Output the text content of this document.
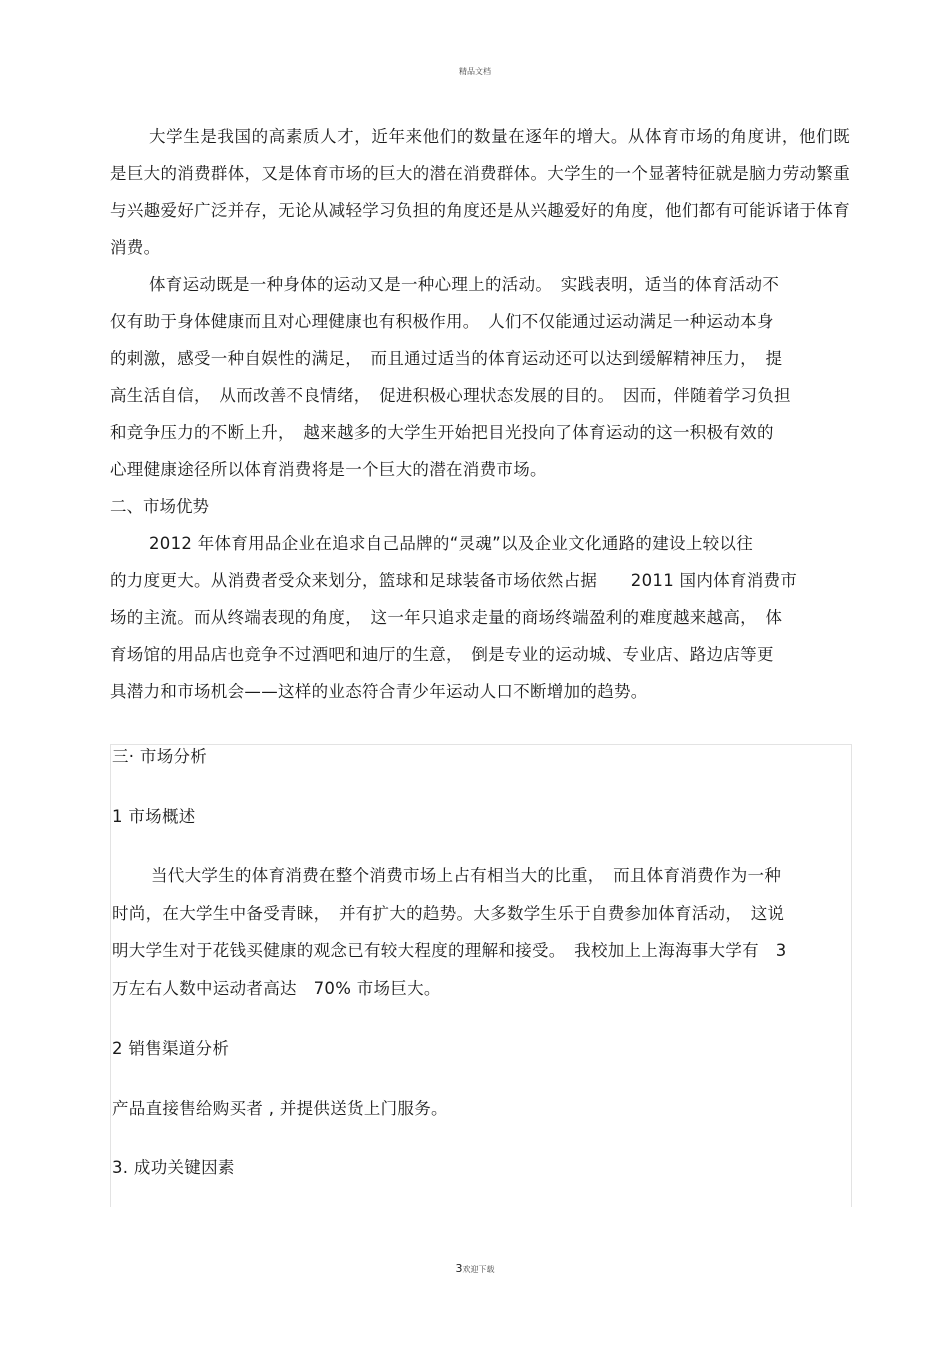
精品文档

大学生是我国的高素质人才，近年来他们的数量在逐年的增大。从体育市场的角度讲，他们既是巨大的消费群体，又是体育市场的巨大的潜在消费群体。大学生的一个显著特征就是脑力劳动繁重与兴趣爱好广泛并存，无论从减轻学习负担的角度还是从兴趣爱好的角度，他们都有可能诉诸于体育消费。

体育运动既是一种身体的运动又是一种心理上的活动。　实践表明，适当的体育活动不

仅有助于身体健康而且对心理健康也有积极作用。　人们不仅能通过运动满足一种运动本身

的刺激，感受一种自娱性的满足，　而且通过适当的体育运动还可以达到缓解精神压力，　提

高生活自信，　从而改善不良情绪，　促进积极心理状态发展的目的。　因而，伴随着学习负担

和竞争压力的不断上升，　越来越多的大学生开始把目光投向了体育运动的这一积极有效的

心理健康途径所以体育消费将是一个巨大的潜在消费市场。

二、市场优势

2012 年体育用品企业在追求自己品牌的“灵魂”以及企业文化通路的建设上较以往

的力度更大。从消费者受众来划分，篮球和足球装备市场依然占据　　2011 国内体育消费市

场的主流。而从终端表现的角度，　这一年只追求走量的商场终端盈利的难度越来越高，　体

育场馆的用品店也竞争不过酒吧和迪厅的生意，　倒是专业的运动城、专业店、路边店等更

具潜力和市场机会——这样的业态符合青少年运动人口不断增加的趋势。

三· 市场分析

1 市场概述

当代大学生的体育消费在整个消费市场上占有相当大的比重，　而且体育消费作为一种

时尚，在大学生中备受青睐，　并有扩大的趋势。大多数学生乐于自费参加体育活动，　这说

明大学生对于花钱买健康的观念已有较大程度的理解和接受。　我校加上上海海事大学有　3

万左右人数中运动者高达　70% 市场巨大。

2 销售渠道分析

产品直接售给购买者 , 并提供送货上门服务。

3. 成功关键因素

3欢迎下载
